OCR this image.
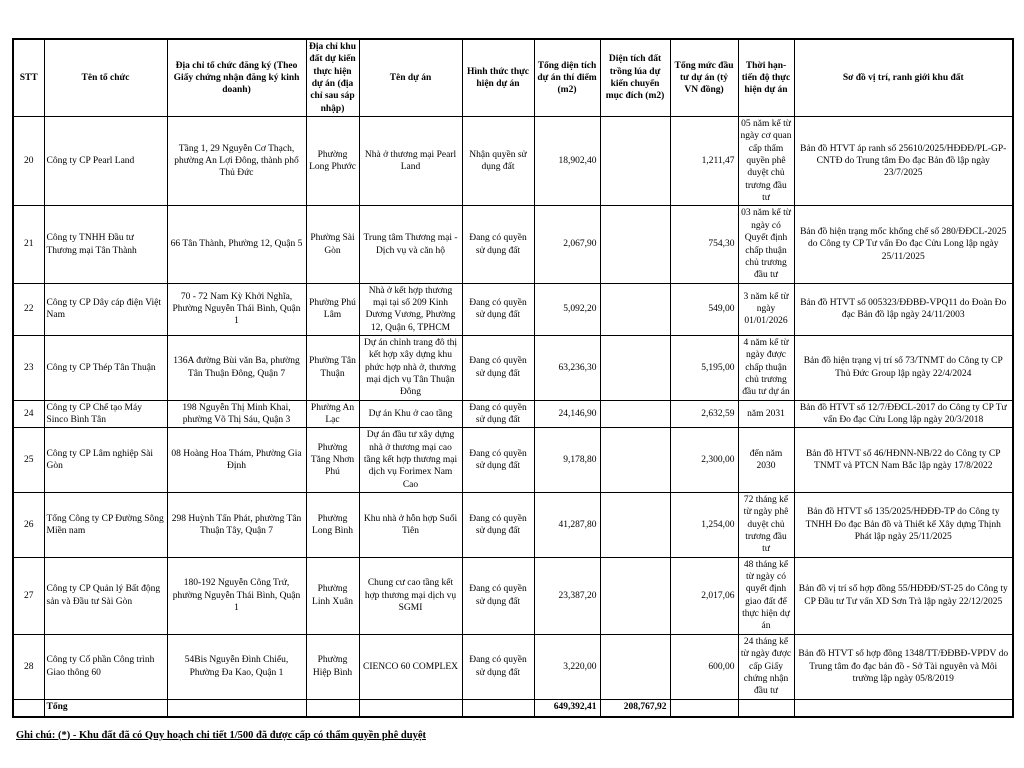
STT	Tên tổ chức	Địa chỉ tổ chức đăng ký (Theo Giấy chứng nhận đăng ký kinh doanh)	Địa chỉ khu đất dự kiến thực hiện dự án (địa chỉ sau sáp nhập)	Tên dự án	Hình thức thực hiện dự án	Tổng diện tích dự án thí điểm (m2)	Diện tích đất trồng lúa dự kiến chuyển mục đích (m2)	Tổng mức đầu tư dự án (tỷ VN đồng)	Thời hạn-tiến độ thực hiện dự án	Sơ đồ vị trí, ranh giới khu đất
20	Công ty CP Pearl Land	Tầng 1, 29 Nguyễn Cơ Thạch, phường An Lợi Đông, thành phố Thủ Đức	Phường Long Phước	Nhà ở thương mại Pearl Land	Nhận quyền sử dụng đất	18,902,40		1,211,47	05 năm kể từ ngày cơ quan cấp thẩm quyền phê duyệt chủ trương đầu tư	Bản đồ HTVT áp ranh số 25610/2025/HĐĐĐ/PL-GP-CNTĐ do Trung tâm Đo đạc Bản đồ lập ngày 23/7/2025
21	Công ty TNHH Đầu tư Thương mại Tân Thành	66 Tân Thành, Phường 12, Quận 5	Phường Sài Gòn	Trung tâm Thương mại - Dịch vụ và căn hộ	Đang có quyền sử dụng đất	2,067,90		754,30	03 năm kể từ ngày có Quyết định chấp thuận chủ trương đầu tư	Bản đồ hiện trạng mốc khống chế số 280/ĐĐCL-2025 do Công ty CP Tư vấn Đo đạc Cửu Long lập ngày 25/11/2025
22	Công ty CP Dây cáp điện Việt Nam	70 - 72 Nam Kỳ Khởi Nghĩa, Phường Nguyễn Thái Bình, Quận 1	Phường Phú Lâm	Nhà ở kết hợp thương mại tại số 209 Kinh Dương Vương, Phường 12, Quận 6, TPHCM	Đang có quyền sử dụng đất	5,092,20		549,00	3 năm kể từ ngày 01/01/2026	Bản đồ HTVT số 005323/ĐĐBĐ-VPQ11 do Đoàn Đo đạc Bản đồ lập ngày 24/11/2003
23	Công ty CP Thép Tân Thuận	136A đường Bùi văn Ba, phường Tân Thuận Đông, Quận 7	Phường Tân Thuận	Dự án chỉnh trang đô thị kết hợp xây dựng khu phức hợp nhà ở, thương mại dịch vụ Tân Thuận Đông	Đang có quyền sử dụng đất	63,236,30		5,195,00	4 năm kể từ ngày được chấp thuận chủ trương đầu tư dự án	Bản đồ hiện trạng vị trí số 73/TNMT do Công ty CP Thủ Đức Group lập ngày 22/4/2024
24	Công ty CP Chế tạo Máy Sinco Bình Tân	198 Nguyễn Thị Minh Khai, phường Võ Thị Sáu, Quận 3	Phường An Lạc	Dự án Khu ở cao tầng	Đang có quyền sử dụng đất	24,146,90		2,632,59	năm 2031	Bản đồ HTVT số 12/7/ĐĐCL-2017 do Công ty CP Tư vấn Đo đạc Cửu Long lập ngày 20/3/2018
25	Công ty CP Lâm nghiệp Sài Gòn	08 Hoàng Hoa Thám, Phường Gia Định	Phường Tăng Nhơn Phú	Dự án đầu tư xây dựng nhà ở thương mại cao tầng kết hợp thương mại dịch vụ Forimex Nam Cao	Đang có quyền sử dụng đất	9,178,80		2,300,00	đến năm 2030	Bản đồ HTVT số 46/HĐNN-NB/22 do Công ty CP TNMT và PTCN Nam Bắc lập ngày 17/8/2022
26	Tổng Công ty CP Đường Sông Miền nam	298 Huỳnh Tấn Phát, phường Tân Thuận Tây, Quận 7	Phường Long Bình	Khu nhà ở hỗn hợp Suối Tiên	Đang có quyền sử dụng đất	41,287,80		1,254,00	72 tháng kể từ ngày phê duyệt chủ trương đầu tư	Bản đồ HTVT số 135/2025/HĐĐĐ-TP do Công ty TNHH Đo đạc Bản đồ và Thiết kế Xây dựng Thịnh Phát lập ngày 25/11/2025
27	Công ty CP Quản lý Bất động sản và Đầu tư Sài Gòn	180-192 Nguyễn Công Trứ, phường Nguyễn Thái Bình, Quận 1	Phường Linh Xuân	Chung cư cao tầng kết hợp thương mại dịch vụ SGMI	Đang có quyền sử dụng đất	23,387,20		2,017,06	48 tháng kể từ ngày có quyết định giao đất để thực hiện dự án	Bản đồ vị trí số hợp đồng 55/HĐĐĐ/ST-25 do Công ty CP Đầu tư Tư vấn XD Sơn Trà lập ngày 22/12/2025
28	Công ty Cổ phần Công trình Giao thông 60	54Bis Nguyễn Đình Chiểu, Phường Đa Kao, Quận 1	Phường Hiệp Bình	CIENCO 60 COMPLEX	Đang có quyền sử dụng đất	3,220,00		600,00	24 tháng kể từ ngày được cấp Giấy chứng nhận đầu tư	Bản đồ HTVT số hợp đồng 1348/TT/ĐĐBĐ-VPDV do Trung tâm đo đạc bản đồ - Sở Tài nguyên và Môi trường lập ngày 05/8/2019
	Tổng					649,392,41	208,767,92			
Ghi chú: (*) - Khu đất đã có Quy hoạch chi tiết 1/500 đã được cấp có thẩm quyền phê duyệt
